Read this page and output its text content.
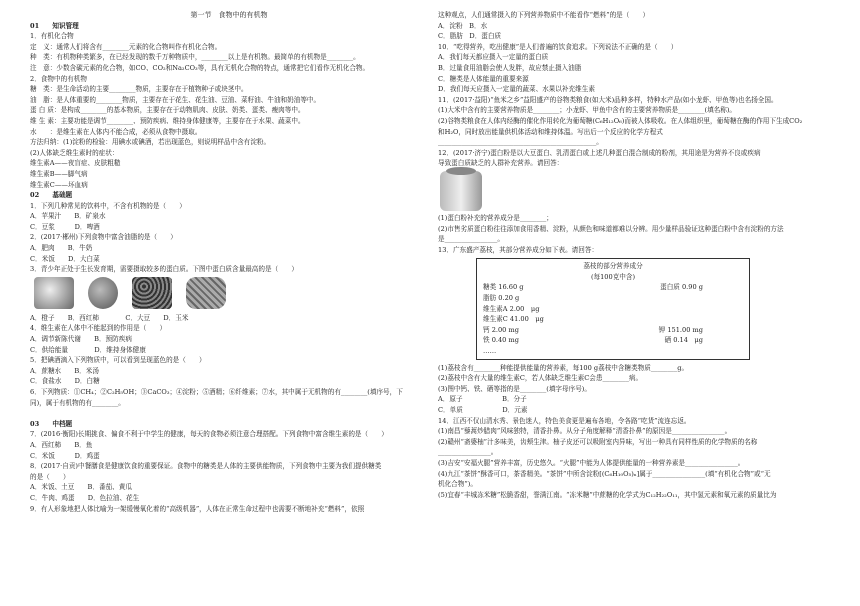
第一节　食物中的有机物
01　　知识管理
1．有机化合物
定　义：通常人们将含有________元素的化合物叫作有机化合物。
种　类：有机物种类繁多，在已经发现的数千万种物质中，________以上是有机物。最简单的有机物是________。
注　意：少数含碳元素的化合物，如CO、CO₂和Na₂CO₃等，具有无机化合物的特点，通常把它们看作无机化合物。
2．食物中的有机物
糖　类：是生命活动的主要________物质，主要存在于植物种子或块茎中。
油　脂：是人体重要的________物质，主要存在于花生、花生油、豆油、菜籽油、牛油和奶油等中。
蛋 白 质：是构成________的基本物质，主要存在于动物肌肉、皮肤、奶类、蛋类、瘦肉等中。
维 生 素：主要功能是调节________、预防疾病、维持身体健康等，主要存在于水果、蔬菜中。
水　　：是维生素在人体内不能合成，必须从食物中摄取。
方法归纳：(1)淀粉的检验：用碘水或碘酒，若出现蓝色，则说明样品中含有淀粉。
(2)人体缺乏维生素时的症状：
维生素A——夜盲症、皮肤粗糙
维生素B——脚气病
维生素C——坏血病
02　　基础题
1．下列几种常见的饮料中，不含有机物的是（　　）
A．苹果汁　　B．矿泉水
C．豆浆　　　D．啤酒
2．(2017·郴州)下列食物中富含油脂的是（　　）
A．肥肉　　B．牛奶
C．米饭　　D．大白菜
3．青少年正处于生长发育期，需要摄取较多的蛋白质。下图中蛋白质含量最高的是（　　）
A．橙子　　B．西红柿　　　　C．大豆　　D．玉米
4．维生素在人体中不能起到的作用是（　　）
A．调节新陈代谢　　B．预防疾病
C．供给能量　　　　D．维持身体健康
5．把碘酒滴入下列物质中，可以看到呈现蓝色的是（　　）
A．蔗糖水　　B．米汤
C．食盐水　　D．白糖
6．下列物质：①CH₄；②C₂H₅OH；③CaCO₃；④淀粉；⑤酒精；⑥纤维素；⑦水，其中属于无机物的有________(填序号，下
同)，属于有机物的有________。
03　　中档题
7．(2016·衡阳)长期挑食、偏食不利于中学生的健康，每天的食物必须注意合理搭配。下列食物中富含维生素的是（　　）
A．西红柿　　B．鱼
C．米饭　　　D．鸡蛋
8．(2017·自贡)中餐膳食是健康饮食的重要保证。食物中的糖类是人体的主要供能物质，下列食物中主要为我们提供糖类
的是（　　）
A．米饭、土豆　　B．番茄、黄瓜
C．牛肉、鸡蛋　　D．色拉油、花生
9．有人形象地把人体比喻为一架缓慢氧化着的“高级机器”，人体在正常生命过程中也需要不断地补充“燃料”，依照
这种观点，人们通常摄入的下列营养物质中不能看作“燃料”的是（　　）
A．淀粉　B．水
C．脂肪　D．蛋白质
10．“吃得营养，吃出健康”是人们普遍的饮食追求。下列说法不正确的是（　　）
A．我们每天都应摄入一定量的蛋白质
B．过量食用油脂会使人发胖，故应禁止摄入油脂
C．糖类是人体能量的重要来源
D．我们每天应摄入一定量的蔬菜、水果以补充维生素
11．(2017·益阳)“鱼米之乡”益阳盛产的谷物类粮食(如大米)品种多样，特种水产品(如小龙虾、甲鱼等)也名扬全国。
(1)大米中含有的主要营养物质是________；小龙虾、甲鱼中含有的主要营养物质是________(填名称)。
(2)谷物类粮食在人体内经酶的催化作用转化为葡萄糖(C₆H₁₂O₆)而被人体吸收。在人体组织里，葡萄糖在酶的作用下生成CO₂
和H₂O，同时放出能量供机体活动和维持体温。写出后一个反应的化学方程式
________________________________________________。
12．(2017·济宁)蛋白粉是以大豆蛋白、乳清蛋白或上述几种蛋白混合制成的粉剂，其用途是为营养不良或疾病
导致蛋白质缺乏的人群补充营养。请回答：
(1)蛋白粉补充的营养成分是________；
(2)市售劣质蛋白粉往往添加食用香精、淀粉，从颜色和味道都难以分辨。用少量样品验证这种蛋白粉中含有淀粉的方法
是________________。
13．广东盛产荔枝，其部分营养成分如下表。请回答：
荔枝的部分营养成分
(每100克中含)
糖类 16.60 g	蛋白质 0.90 g
脂肪 0.20 g
维生素A 2.00　μg
维生素C 41.00　μg
钙 2.00 mg	钾 151.00 mg
铁 0.40 mg	硒 0.14　μg
……
(1)荔枝含有________种能提供能量的营养素，每100 g荔枝中含糖类物质________g。
(2)荔枝中含有大量的维生素C，若人体缺乏维生素C会患________病。
(3)图中钙、铁、硒等指的是________(填字母序号)。
A．原子　　　　　　B．分子
C．单质　　　　　　D．元素
14．江西不仅山清水秀、景色迷人，特色美食更是遍布各地，令各路“吃货”流连忘返。
(1)南昌“藜蒿炒腊肉”风味独特，清香扑鼻。从分子角度解释“清香扑鼻”的原因是________________。
(2)赣州“斋婆柚”汁多味美，齿颊生津。柚子皮还可以吸附室内异味，写出一种具有同样性质的化学物质的名称
________________。
(3)吉安“安福火腿”营养丰富，历史悠久。“火腿”中能为人体提供能量的一种营养素是________________。
(4)九江“茶饼”酥香可口，茶香精美。“茶饼”中所含淀粉[(C₆H₁₀O₅)ₙ]属于________________(填“有机化合物”或“无
机化合物”)。
(5)宜春“丰城冻米糖”松脆香甜，誉满江南。“冻米糖”中蔗糖的化学式为C₁₂H₂₂O₁₁，其中氢元素和氧元素的质量比为
